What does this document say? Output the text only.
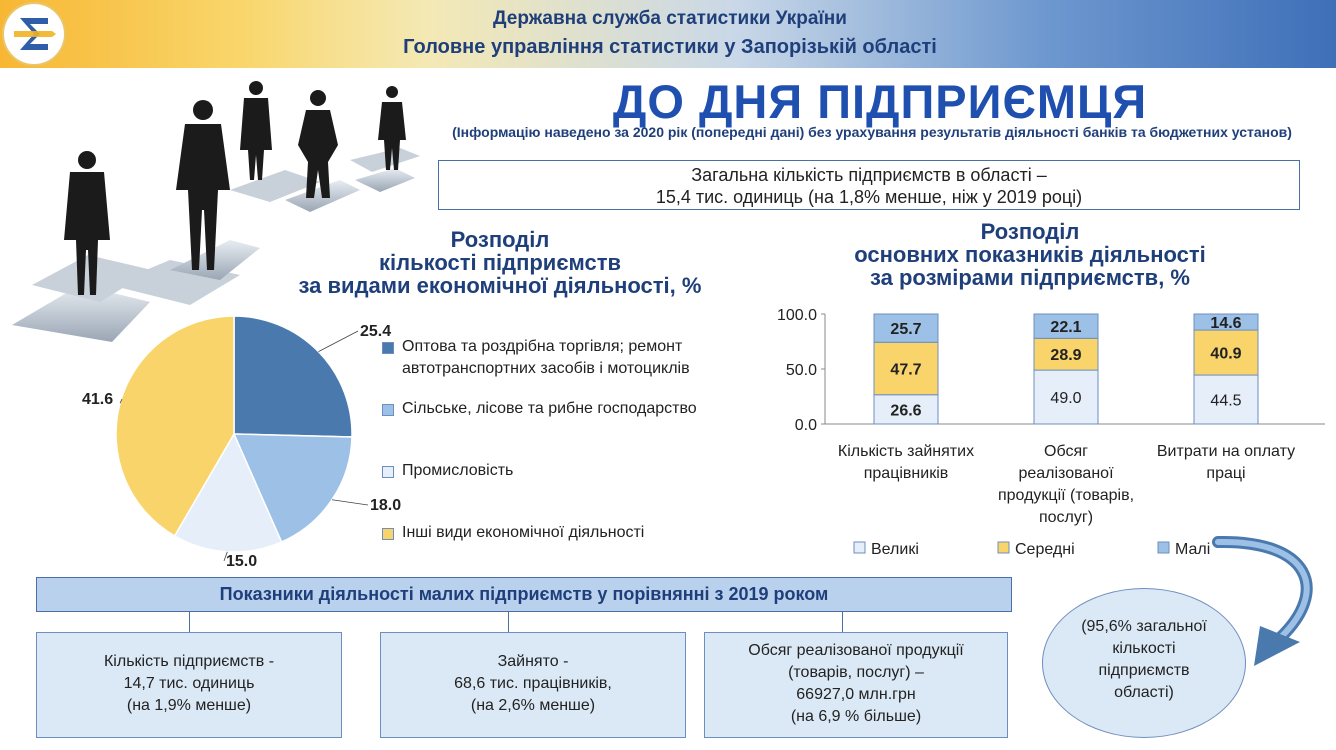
Державна служба статистики України
Головне управління статистики у Запорізькій області
ДО ДНЯ ПІДПРИЄМЦЯ
(Інформацію наведено за 2020 рік (попередні дані) без урахування результатів діяльності банків та бюджетних установ)
Загальна кількість підприємств в області –
15,4 тис. одиниць (на 1,8% менше, ніж у 2019 році)
Розподіл
кількості підприємств
за видами економічної діяльності, %
25.4
18.0
15.0
41.6
Оптова та роздрібна торгівля; ремонт
автотранспортних засобів і мотоциклів
Сільське, лісове та рибне господарство
Промисловість
Інші види економічної діяльності
Розподіл
основних показників діяльності
за розмірами підприємств, %
0.0
50.0
100.0
26.6
47.7
25.7
Кількість зайнятих
працівників
49.0
28.9
22.1
Обсяг
реалізованої
продукції (товарів,
послуг)
44.5
40.9
14.6
Витрати на оплату
праці
Великі	Середні	Малі
Показники діяльності малих підприємств у порівнянні з 2019 роком
Кількість підприємств -
14,7 тис. одиниць
(на 1,9% менше)
Зайнято -
68,6 тис. працівників,
(на 2,6% менше)
Обсяг реалізованої продукції
(товарів, послуг) –
66927,0 млн.грн
(на 6,9 % більше)
(95,6% загальної
кількості
підприємств
області)
